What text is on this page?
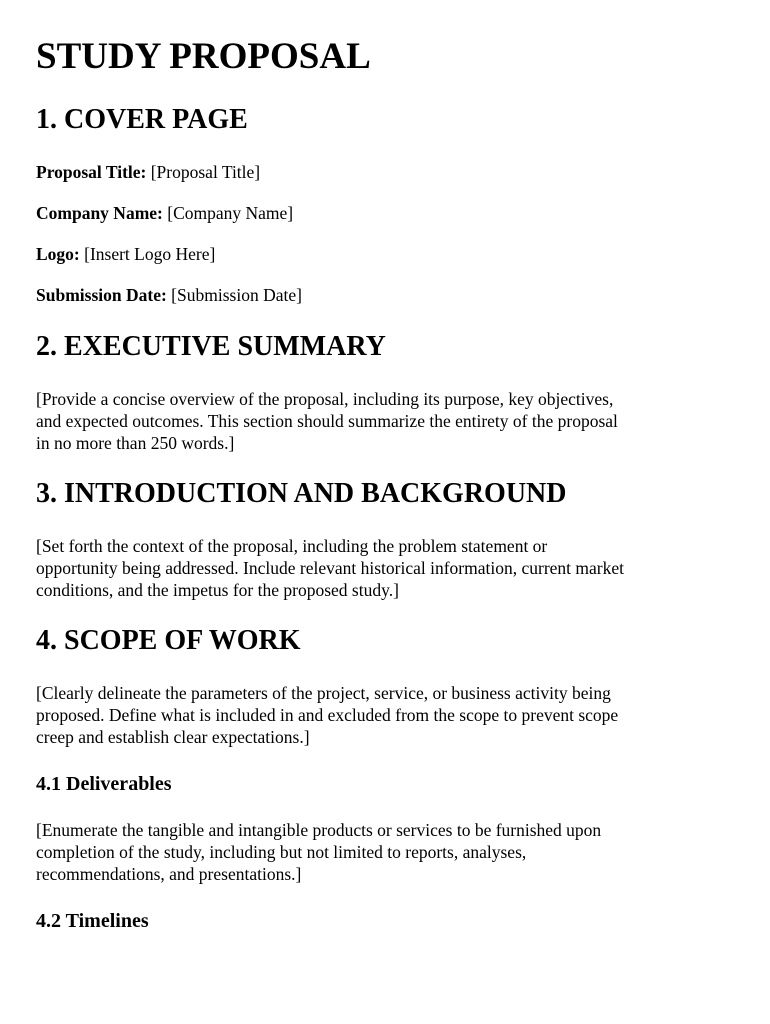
STUDY PROPOSAL
1. COVER PAGE

Proposal Title: [Proposal Title]

Company Name: [Company Name]

Logo: [Insert Logo Here]

Submission Date: [Submission Date]

2. EXECUTIVE SUMMARY

[Provide a concise overview of the proposal, including its purpose, key objectives,
and expected outcomes. This section should summarize the entirety of the proposal
in no more than 250 words.]

3. INTRODUCTION AND BACKGROUND

[Set forth the context of the proposal, including the problem statement or
opportunity being addressed. Include relevant historical information, current market
conditions, and the impetus for the proposed study.]

4. SCOPE OF WORK

[Clearly delineate the parameters of the project, service, or business activity being
proposed. Define what is included in and excluded from the scope to prevent scope
creep and establish clear expectations.]

4.1 Deliverables

[Enumerate the tangible and intangible products or services to be furnished upon
completion of the study, including but not limited to reports, analyses,
recommendations, and presentations.]

4.2 Timelines
